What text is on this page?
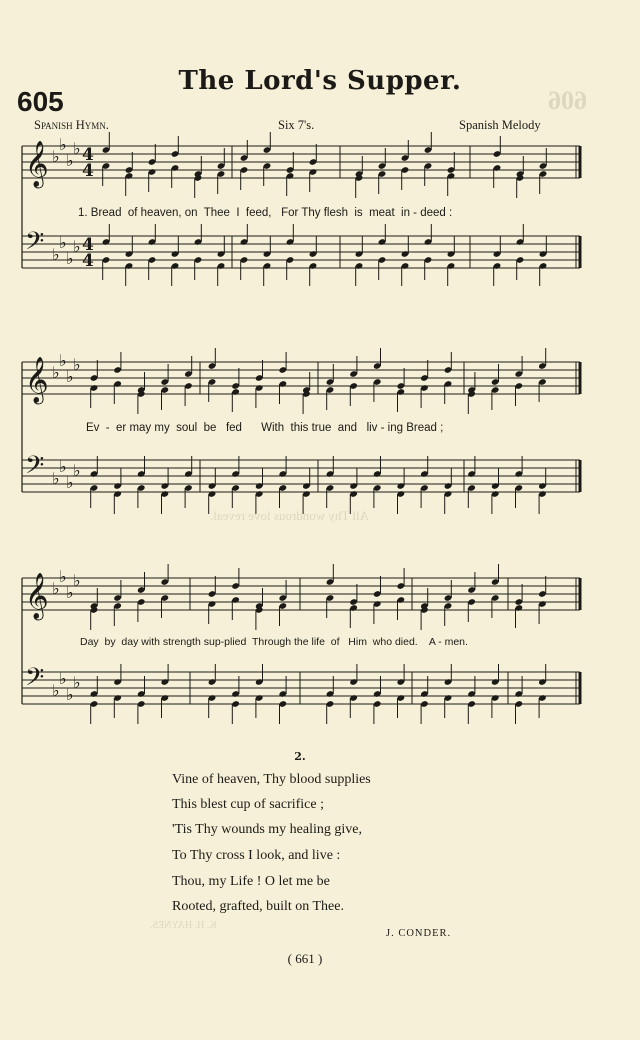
606
All Thy wondrous love reveal.
K. H. HAYNES.
The Lord's Supper.
605
Spanish Hymn.	Six 7's.	Spanish Melody
𝄞 ♭
♭
♭
♭ 4
4
𝄢 ♭
♭
♭
♭ 4
4
𝄞 ♭
♭
♭
♭
𝄢 ♭
♭
♭
♭
𝄞 ♭
♭
♭
♭
𝄢 ♭
♭
♭
♭
1. Bread  of heaven, on  Thee  I  feed,   For Thy flesh  is  meat  in - deed :
Ev  -  er may my  soul  be   fed      With  this true  and   liv - ing Bread ;
Day  by  day with strength sup-plied  Through the life  of   Him  who died.    A - men.
2.
Vine of heaven, Thy blood supplies
This blest cup of sacrifice ;
'Tis Thy wounds my healing give,
To Thy cross I look, and live :
Thou, my Life ! O let me be
Rooted, grafted, built on Thee.
J. CONDER.
( 661 )
